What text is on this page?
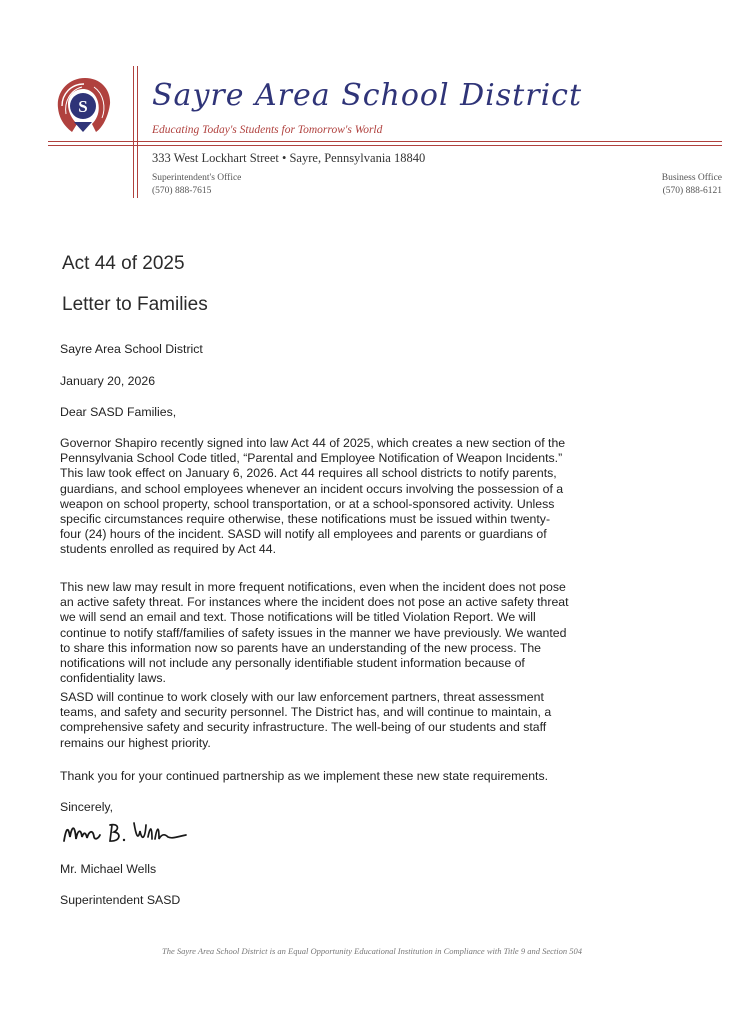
S Sayre Area School District
Educating Today's Students for Tomorrow's World
333 West Lockhart Street • Sayre, Pennsylvania 18840
Superintendent's Office
(570) 888-7615
Business Office
(570) 888-6121
Act 44 of 2025
Letter to Families
Sayre Area School District
January 20, 2026
Dear SASD Families,

Governor Shapiro recently signed into law Act 44 of 2025, which creates a new section of the Pennsylvania School Code titled, “Parental and Employee Notification of Weapon Incidents.” This law took effect on January 6, 2026. Act 44 requires all school districts to notify parents, guardians, and school employees whenever an incident occurs involving the possession of a weapon on school property, school transportation, or at a school-sponsored activity. Unless specific circumstances require otherwise, these notifications must be issued within twenty-four (24) hours of the incident. SASD will notify all employees and parents or guardians of students enrolled as required by Act 44.

This new law may result in more frequent notifications, even when the incident does not pose an active safety threat. For instances where the incident does not pose an active safety threat we will send an email and text. Those notifications will be titled Violation Report. We will continue to notify staff/families of safety issues in the manner we have previously. We wanted to share this information now so parents have an understanding of the new process. The notifications will not include any personally identifiable student information because of confidentiality laws.

SASD will continue to work closely with our law enforcement partners, threat assessment teams, and safety and security personnel. The District has, and will continue to maintain, a comprehensive safety and security infrastructure. The well-being of our students and staff remains our highest priority.

Thank you for your continued partnership as we implement these new state requirements.

Sincerely,
Mr. Michael Wells
Superintendent SASD
The Sayre Area School District is an Equal Opportunity Educational Institution in Compliance with Title 9 and Section 504
